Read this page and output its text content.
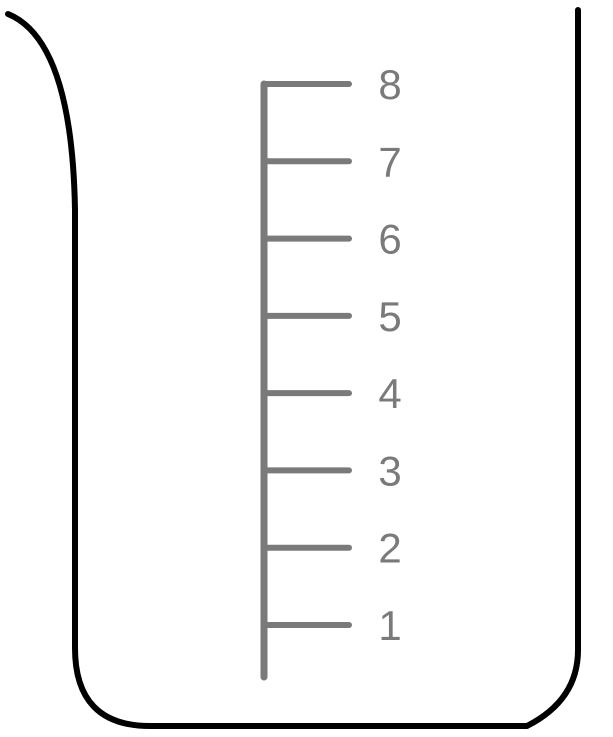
1
2
3
4
5
6
7
8
